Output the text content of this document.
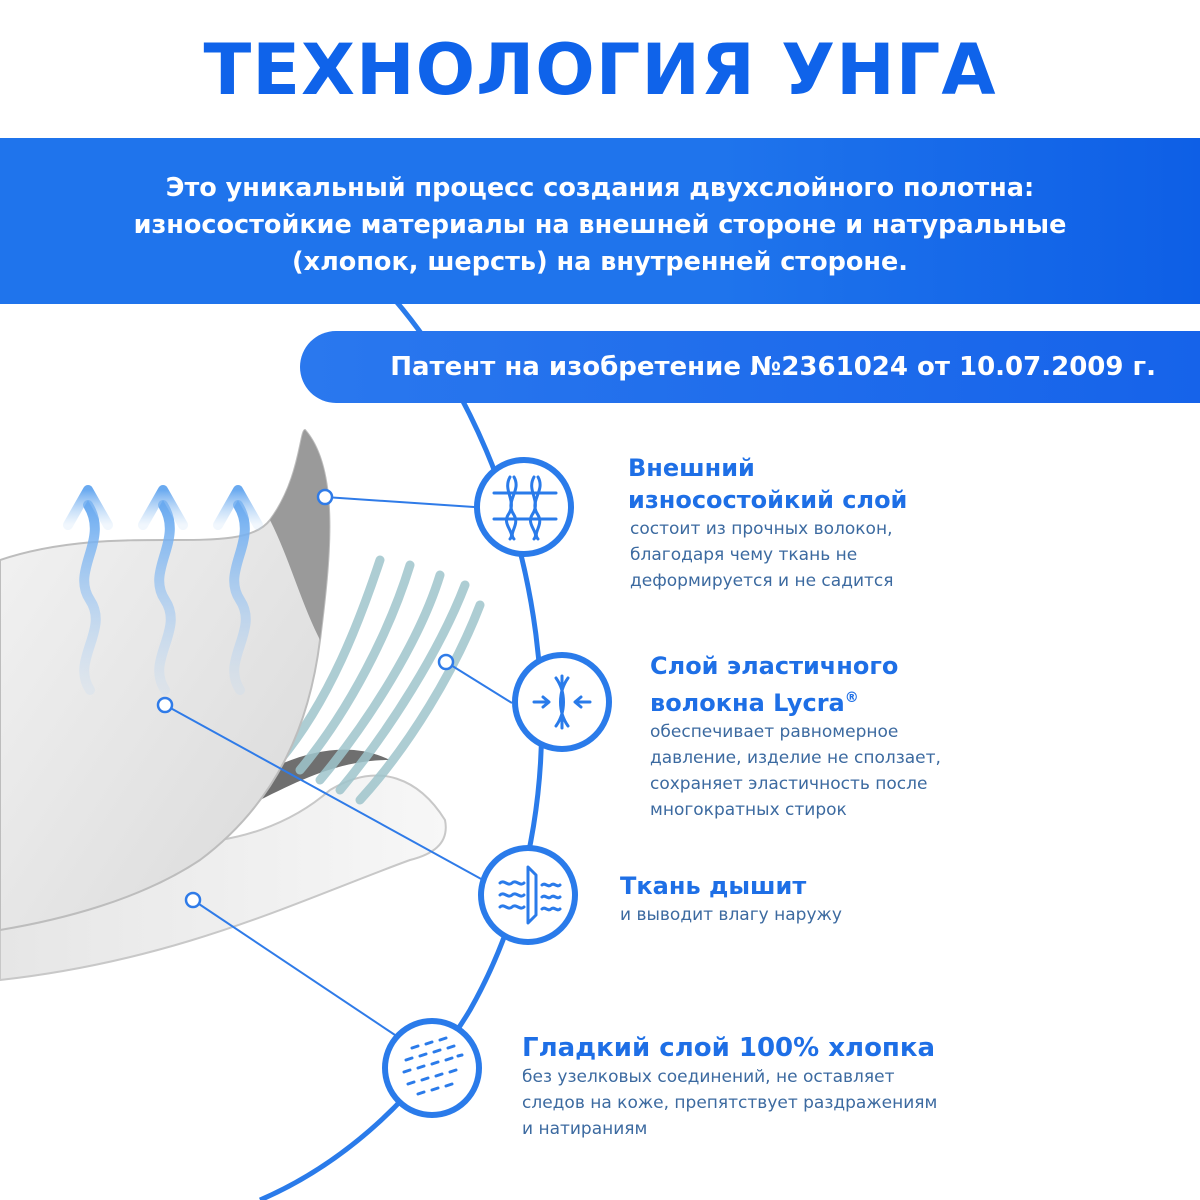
ТЕХНОЛОГИЯ УНГА
Это уникальный процесс создания двухслойного полотна:
износостойкие материалы на внешней стороне и натуральные
(хлопок, шерсть) на внутренней стороне.
Патент на изобретение №2361024 от 10.07.2009 г.
Внешний
износостойкий слой
состоит из прочных волокон,
благодаря чему ткань не
деформируется и не садится
Слой эластичного
волокна Lycra®
обеспечивает равномерное
давление, изделие не сползает,
сохраняет эластичность после
многократных стирок
Ткань дышит
и выводит влагу наружу
Гладкий слой 100% хлопка
без узелковых соединений, не оставляет
следов на коже, препятствует раздражениям
и натираниям
